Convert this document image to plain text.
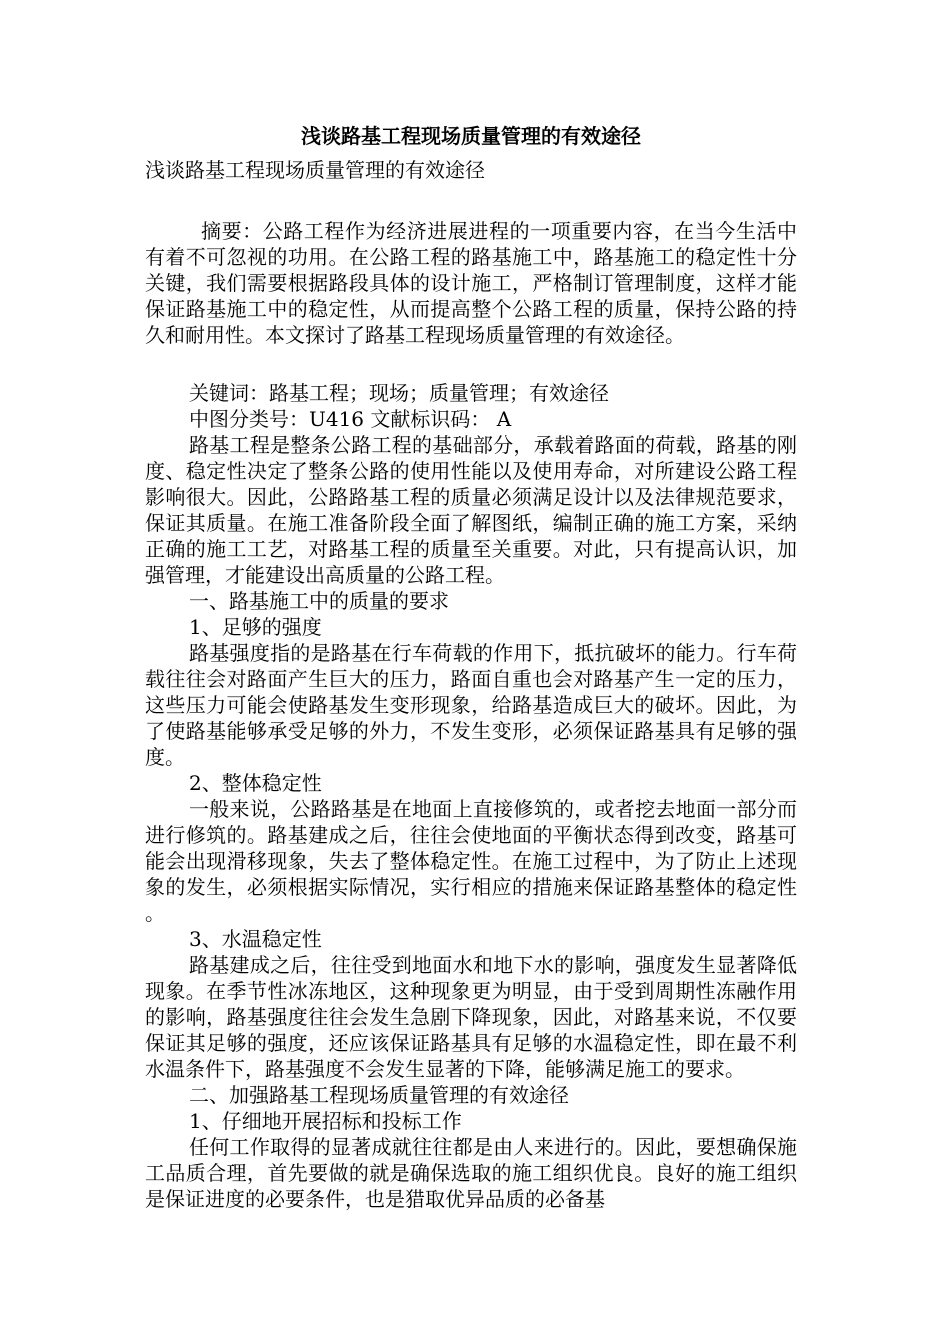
浅谈路基工程现场质量管理的有效途径
浅谈路基工程现场质量管理的有效途径

摘要：公路工程作为经济进展进程的一项重要内容，在当今生活中有着不可忽视的功用。在公路工程的路基施工中，路基施工的稳定性十分关键，我们需要根据路段具体的设计施工，严格制订管理制度，这样才能保证路基施工中的稳定性，从而提高整个公路工程的质量，保持公路的持久和耐用性。本文探讨了路基工程现场质量管理的有效途径。

关键词：路基工程；现场；质量管理；有效途径
中图分类号：U416 文献标识码： A

路基工程是整条公路工程的基础部分，承载着路面的荷载，路基的刚度、稳定性决定了整条公路的使用性能以及使用寿命，对所建设公路工程影响很大。因此，公路路基工程的质量必须满足设计以及法律规范要求，保证其质量。在施工准备阶段全面了解图纸，编制正确的施工方案，采纳正确的施工工艺，对路基工程的质量至关重要。对此，只有提高认识，加强管理，才能建设出高质量的公路工程。

一、路基施工中的质量的要求
1、足够的强度

路基强度指的是路基在行车荷载的作用下，抵抗破坏的能力。行车荷载往往会对路面产生巨大的压力，路面自重也会对路基产生一定的压力，这些压力可能会使路基发生变形现象，给路基造成巨大的破坏。因此，为了使路基能够承受足够的外力，不发生变形，必须保证路基具有足够的强度。

2、整体稳定性

一般来说，公路路基是在地面上直接修筑的，或者挖去地面一部分而进行修筑的。路基建成之后，往往会使地面的平衡状态得到改变，路基可能会出现滑移现象，失去了整体稳定性。在施工过程中，为了防止上述现象的发生，必须根据实际情况，实行相应的措施来保证路基整体的稳定性。

3、水温稳定性

路基建成之后，往往受到地面水和地下水的影响，强度发生显著降低现象。在季节性冰冻地区，这种现象更为明显，由于受到周期性冻融作用的影响，路基强度往往会发生急剧下降现象，因此，对路基来说，不仅要保证其足够的强度，还应该保证路基具有足够的水温稳定性，即在最不利水温条件下，路基强度不会发生显著的下降，能够满足施工的要求。

二、加强路基工程现场质量管理的有效途径
1、仔细地开展招标和投标工作

任何工作取得的显著成就往往都是由人来进行的。因此，要想确保施工品质合理，首先要做的就是确保选取的施工组织优良。良好的施工组织是保证进度的必要条件，也是猎取优异品质的必备基
